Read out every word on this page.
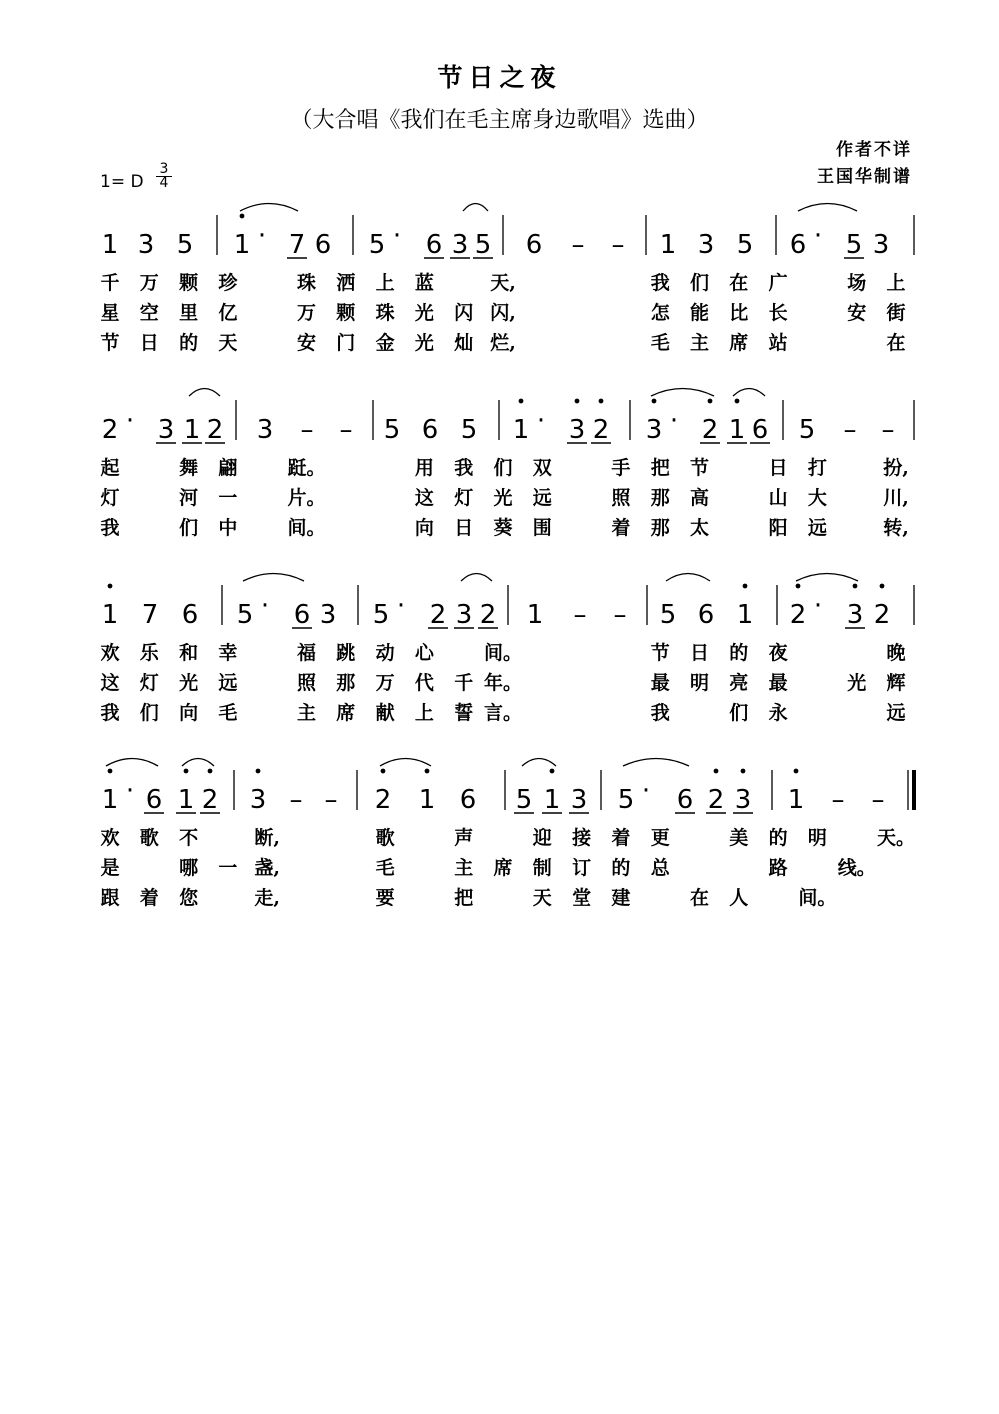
节日之夜
（大合唱《我们在毛主席身边歌唱》选曲）
作者不详
王国华制谱
1= D
3
4
1 3 5 1 · 7 6 5 · 6 3 5 6 – – 1 3 5 6 · 5 3
千 万 颗 珍	珠 洒 上 蓝	天,	我 们 在 广	场 上
星 空 里 亿	万 颗 珠 光 闪 闪,	怎 能 比 长	安 街
节 日 的 天	安 门 金 光 灿 烂,	毛 主 席 站	在
2 · 3 1 2 3 – – 5 6 5 1 · 3 2 3 · 2 1 6 5 – –
起	舞 翩	跹。	用 我 们 双	手 把 节	日 打	扮,
灯	河 一	片。	这 灯 光 远	照 那 高	山 大	川,
我	们 中	间。	向 日 葵 围	着 那 太	阳 远	转,
1 7 6 5 · 6 3 5 · 2 3 2 1 – – 5 6 1 2 · 3 2
欢 乐 和 幸	福 跳 动 心	间。	节 日 的 夜	晚
这 灯 光 远	照 那 万 代 千 年。	最 明 亮 最	光 辉
我 们 向 毛	主 席 献 上 誓 言。	我	们 永	远
1 · 6 1 2 3 – – 2 1 6 5 1 3 5 · 6 2 3 1 – –
欢 歌 不	断,	歌	声	迎 接 着 更	美 的 明	天。
是	哪 一 盏,	毛	主 席 制 订 的 总	路	线。
跟 着 您	走,	要	把	天 堂 建	在 人	间。
